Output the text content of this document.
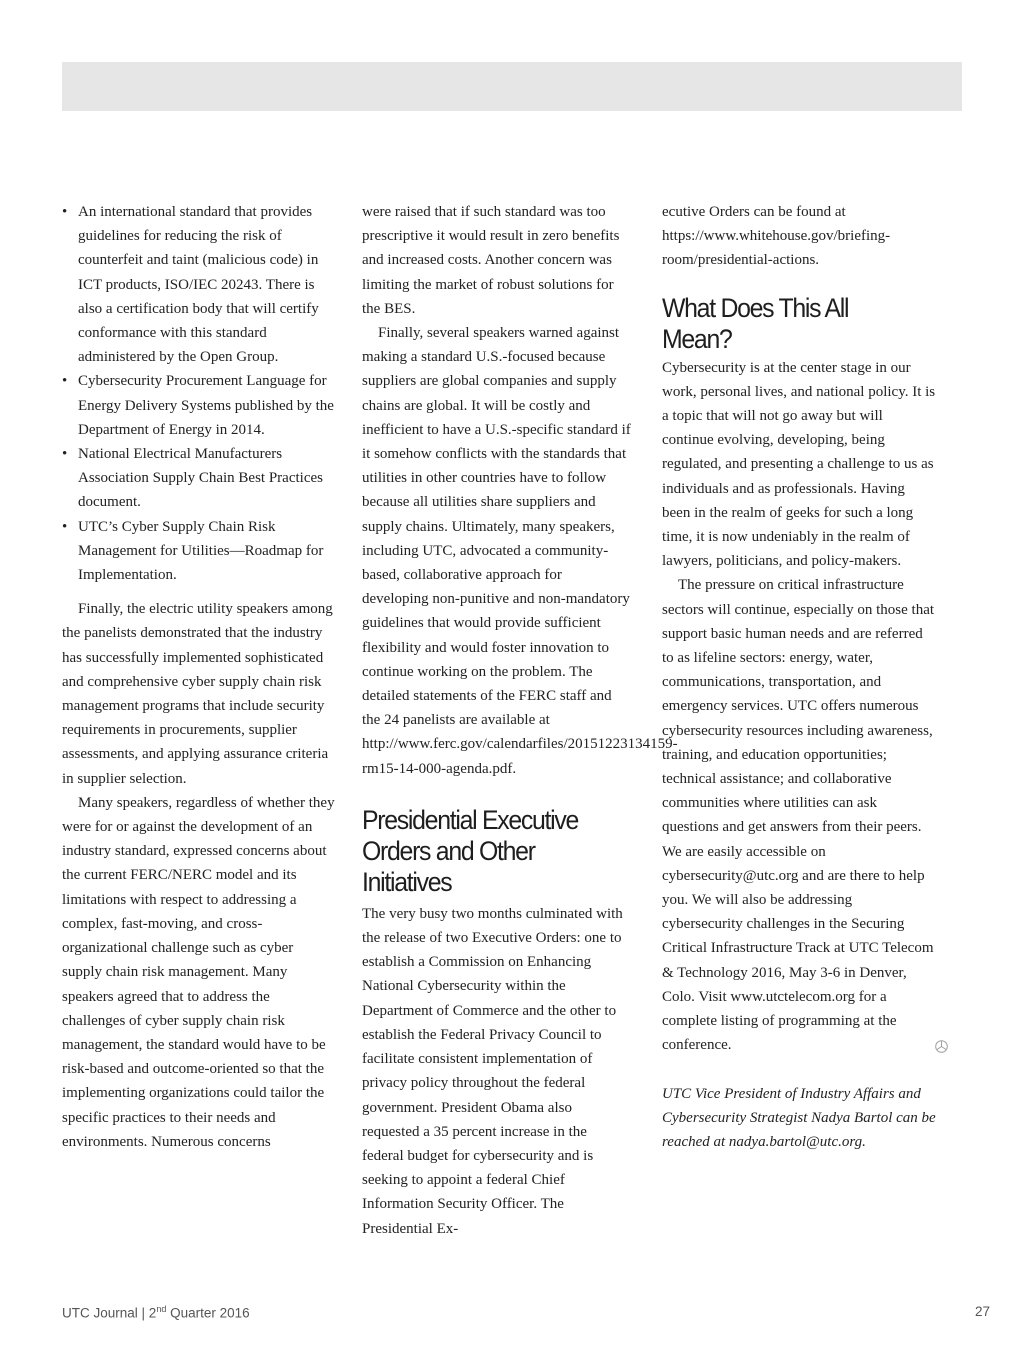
• An international standard that provides guidelines for reducing the risk of counterfeit and taint (malicious code) in ICT products, ISO/IEC 20243. There is also a certification body that will certify conformance with this standard administered by the Open Group.
• Cybersecurity Procurement Language for Energy Delivery Systems published by the Department of Energy in 2014.
• National Electrical Manufacturers Association Supply Chain Best Practices document.
• UTC’s Cyber Supply Chain Risk Management for Utilities—Roadmap for Implementation.

Finally, the electric utility speakers among the panelists demonstrated that the industry has successfully implemented sophisticated and comprehensive cyber supply chain risk management programs that include security requirements in procurements, supplier assessments, and applying assurance criteria in supplier selection.

Many speakers, regardless of whether they were for or against the development of an industry standard, expressed concerns about the current FERC/NERC model and its limitations with respect to addressing a complex, fast-moving, and cross-organizational challenge such as cyber supply chain risk management. Many speakers agreed that to address the challenges of cyber supply chain risk management, the standard would have to be risk-based and outcome-oriented so that the implementing organizations could tailor the specific practices to their needs and environments. Numerous concerns

were raised that if such standard was too prescriptive it would result in zero benefits and increased costs. Another concern was limiting the market of robust solutions for the BES.

Finally, several speakers warned against making a standard U.S.-focused because suppliers are global companies and supply chains are global. It will be costly and inefficient to have a U.S.-specific standard if it somehow conflicts with the standards that utilities in other countries have to follow because all utilities share suppliers and supply chains. Ultimately, many speakers, including UTC, advocated a community-based, collaborative approach for developing non-punitive and non-mandatory guidelines that would provide sufficient flexibility and would foster innovation to continue working on the problem. The detailed statements of the FERC staff and the 24 panelists are available at http://www.ferc.gov/calendarfiles/20151223134159-rm15-14-000-agenda.pdf.

Presidential Executive Orders and Other Initiatives

The very busy two months culminated with the release of two Executive Orders: one to establish a Commission on Enhancing National Cybersecurity within the Department of Commerce and the other to establish the Federal Privacy Council to facilitate consistent implementation of privacy policy throughout the federal government. President Obama also requested a 35 percent increase in the federal budget for cybersecurity and is seeking to appoint a federal Chief Information Security Officer. The Presidential Ex-

ecutive Orders can be found at https://www.whitehouse.gov/briefing-room/presidential-actions.

What Does This All Mean?

Cybersecurity is at the center stage in our work, personal lives, and national policy. It is a topic that will not go away but will continue evolving, developing, being regulated, and presenting a challenge to us as individuals and as professionals. Having been in the realm of geeks for such a long time, it is now undeniably in the realm of lawyers, politicians, and policy-makers.

The pressure on critical infrastructure sectors will continue, especially on those that support basic human needs and are referred to as lifeline sectors: energy, water, communications, transportation, and emergency services. UTC offers numerous cybersecurity resources including awareness, training, and education opportunities; technical assistance; and collaborative communities where utilities can ask questions and get answers from their peers. We are easily accessible on cybersecurity@utc.org and are there to help you. We will also be addressing cybersecurity challenges in the Securing Critical Infrastructure Track at UTC Telecom & Technology 2016, May 3-6 in Denver, Colo. Visit www.utctelecom.org for a complete listing of programming at the conference.

UTC Vice President of Industry Affairs and Cybersecurity Strategist Nadya Bartol can be reached at nadya.bartol@utc.org.

UTC Journal | 2nd Quarter 2016	27
